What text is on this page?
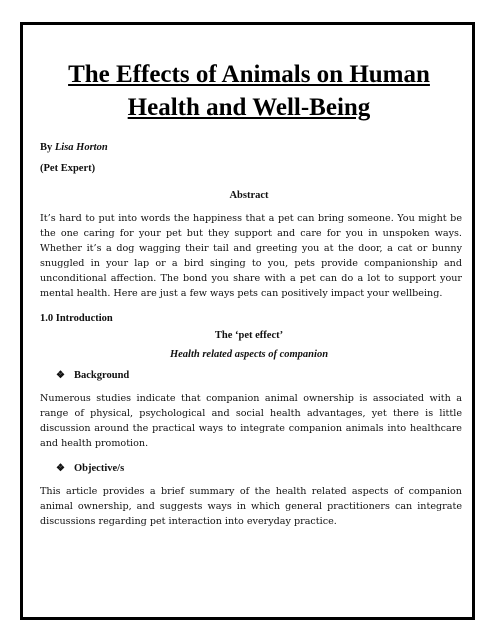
The Effects of Animals on Human Health and Well-Being
By Lisa Horton
(Pet Expert)
Abstract

It’s hard to put into words the happiness that a pet can bring someone. You might be the one caring for your pet but they support and care for you in unspoken ways. Whether it’s a dog wagging their tail and greeting you at the door, a cat or bunny snuggled in your lap or a bird singing to you, pets provide companionship and unconditional affection. The bond you share with a pet can do a lot to support your mental health. Here are just a few ways pets can positively impact your wellbeing.

1.0 Introduction
The ‘pet effect’
Health related aspects of companion
❖ Background

Numerous studies indicate that companion animal ownership is associated with a range of physical, psychological and social health advantages, yet there is little discussion around the practical ways to integrate companion animals into healthcare and health promotion.

❖ Objective/s

This article provides a brief summary of the health related aspects of companion animal ownership, and suggests ways in which general practitioners can integrate discussions regarding pet interaction into everyday practice.
